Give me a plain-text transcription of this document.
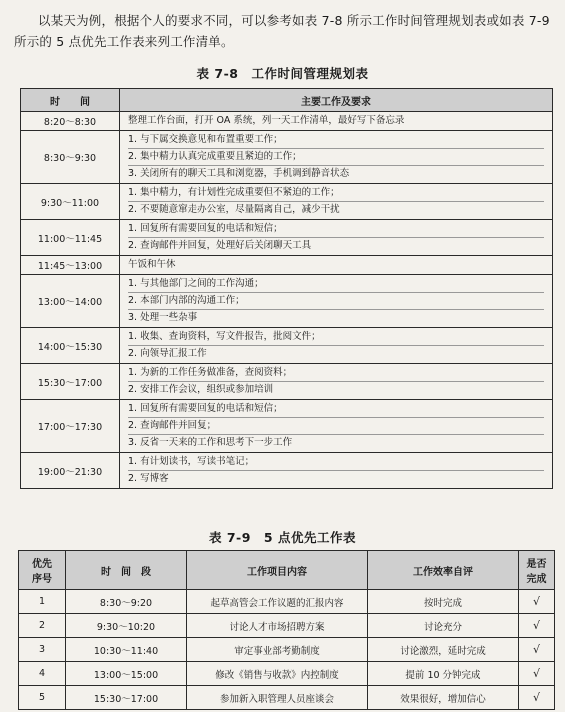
以某天为例，根据个人的要求不同，可以参考如表 7-8 所示工作时间管理规划表或如表 7-9 所示的 5 点优先工作表来列工作清单。

表 7-8　工作时间管理规划表
时　　间	主要工作及要求
8:20～8:30	整理工作台面，打开 OA 系统，列一天工作清单，最好写下备忘录

8:30～9:30	1. 与下属交换意见和布置重要工作；
2. 集中精力认真完成重要且紧迫的工作；
3. 关闭所有的聊天工具和浏览器，手机调到静音状态

9:30～11:00	1. 集中精力，有计划性完成重要但不紧迫的工作；
2. 不要随意窜走办公室，尽量隔离自己，减少干扰

11:00～11:45	1. 回复所有需要回复的电话和短信；
2. 查询邮件并回复，处理好后关闭聊天工具

11:45～13:00	午饭和午休

13:00～14:00	1. 与其他部门之间的工作沟通；
2. 本部门内部的沟通工作；
3. 处理一些杂事

14:00～15:30	1. 收集、查询资料，写文件报告，批阅文件；
2. 向领导汇报工作

15:30～17:00	1. 为新的工作任务做准备，查阅资料；
2. 安排工作会议，组织或参加培训

17:00～17:30	1. 回复所有需要回复的电话和短信；
2. 查询邮件并回复；
3. 反省一天来的工作和思考下一步工作

19:00～21:30	1. 有计划读书，写读书笔记；
2. 写博客
表 7-9　5 点优先工作表
优先
序号	时　间　段	工作项目内容	工作效率自评	是否
完成
1	8:30～9:20	起草高管会工作议题的汇报内容	按时完成	√
2	9:30～10:20	讨论人才市场招聘方案	讨论充分	√
3	10:30～11:40	审定事业部考勤制度	讨论激烈，延时完成	√
4	13:00～15:00	修改《销售与收款》内控制度	提前 10 分钟完成	√
5	15:30～17:00	参加新入职管理人员座谈会	效果很好，增加信心	√
